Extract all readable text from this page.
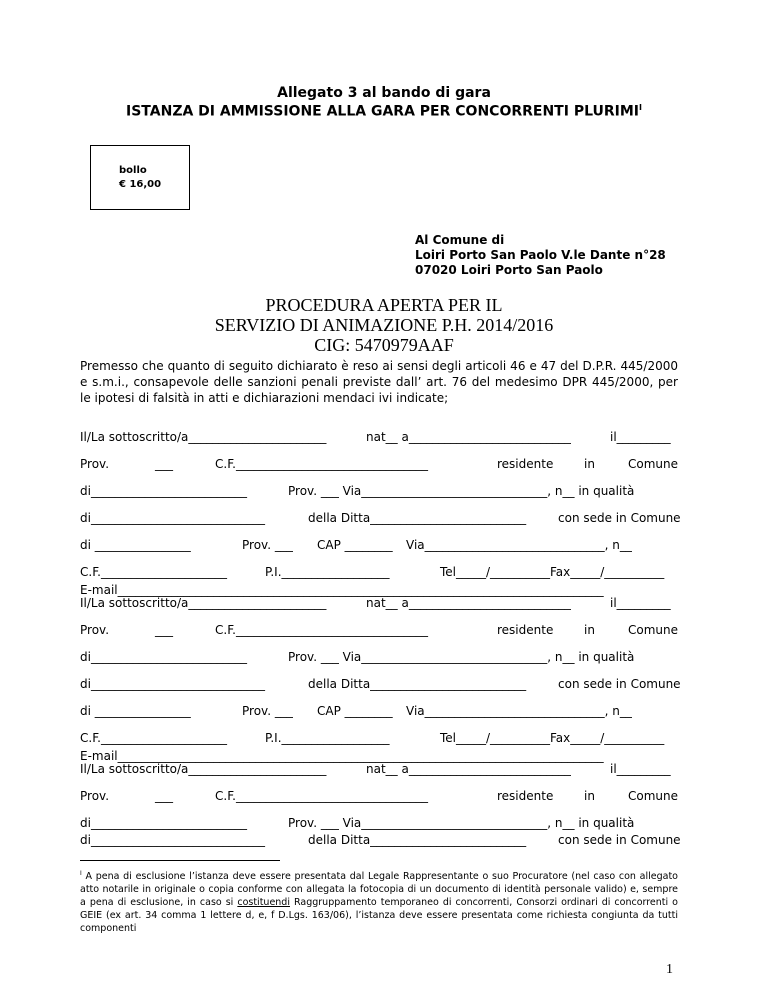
Allegato 3 al bando di gara
ISTANZA DI AMMISSIONE ALLA GARA PER CONCORRENTI $PLURIMI^I$
bollo
€ 16,00
Al Comune di
Loiri Porto San Paolo V.le Dante n°28
07020 Loiri Porto San Paolo
PROCEDURA APERTA PER IL
SERVIZIO DI ANIMAZIONE P.H. 2014/2016
CIG: 5470979AAF
Premesso che quanto di seguito dichiarato è reso ai sensi degli articoli 46 e 47 del D.P.R. 445/2000 e s.m.i., consapevole delle sanzioni penali previste dall’ art. 76 del medesimo DPR 445/2000, per le ipotesi di falsità in atti e dichiarazioni mendaci ivi indicate;
Il/La sottoscritto/a_______________________	nat__ a___________________________	il_________
Prov.	___	C.F.________________________________	residente	in	Comune
di__________________________	Prov. ___ Via_______________________________, n__ in qualità
di_____________________________	della Ditta__________________________	con sede in Comune
di ________________	Prov. ___ CAP ________ Via______________________________, n__
C.F._____________________	P.I.__________________	Tel_____/__________ Fax_____/__________
E-mail_________________________________________________________________________________
Il/La sottoscritto/a_______________________	nat__ a___________________________	il_________
Prov.	___	C.F.________________________________	residente	in	Comune
di__________________________	Prov. ___ Via_______________________________, n__ in qualità
di_____________________________	della Ditta__________________________	con sede in Comune
di ________________	Prov. ___ CAP ________ Via______________________________, n__
C.F._____________________	P.I.__________________	Tel_____/__________ Fax_____/__________
E-mail_________________________________________________________________________________
Il/La sottoscritto/a_______________________	nat__ a___________________________	il_________
Prov.	___	C.F.________________________________	residente	in	Comune
di__________________________	Prov. ___ Via_______________________________, n__ in qualità
di_____________________________	della Ditta__________________________	con sede in Comune
$^I$ A pena di esclusione l’istanza deve essere presentata dal Legale Rappresentante o suo Procuratore (nel caso con allegato atto notarile in originale o copia conforme con allegata la fotocopia di un documento di identità personale valido) e, sempre a pena di esclusione, in caso si costituendi Raggruppamento temporaneo di concorrenti, Consorzi ordinari di concorrenti o GEIE (ex art. 34 comma 1 lettere d, e, f D.Lgs. 163/06), l’istanza deve essere presentata come richiesta congiunta da tutti componenti
1
